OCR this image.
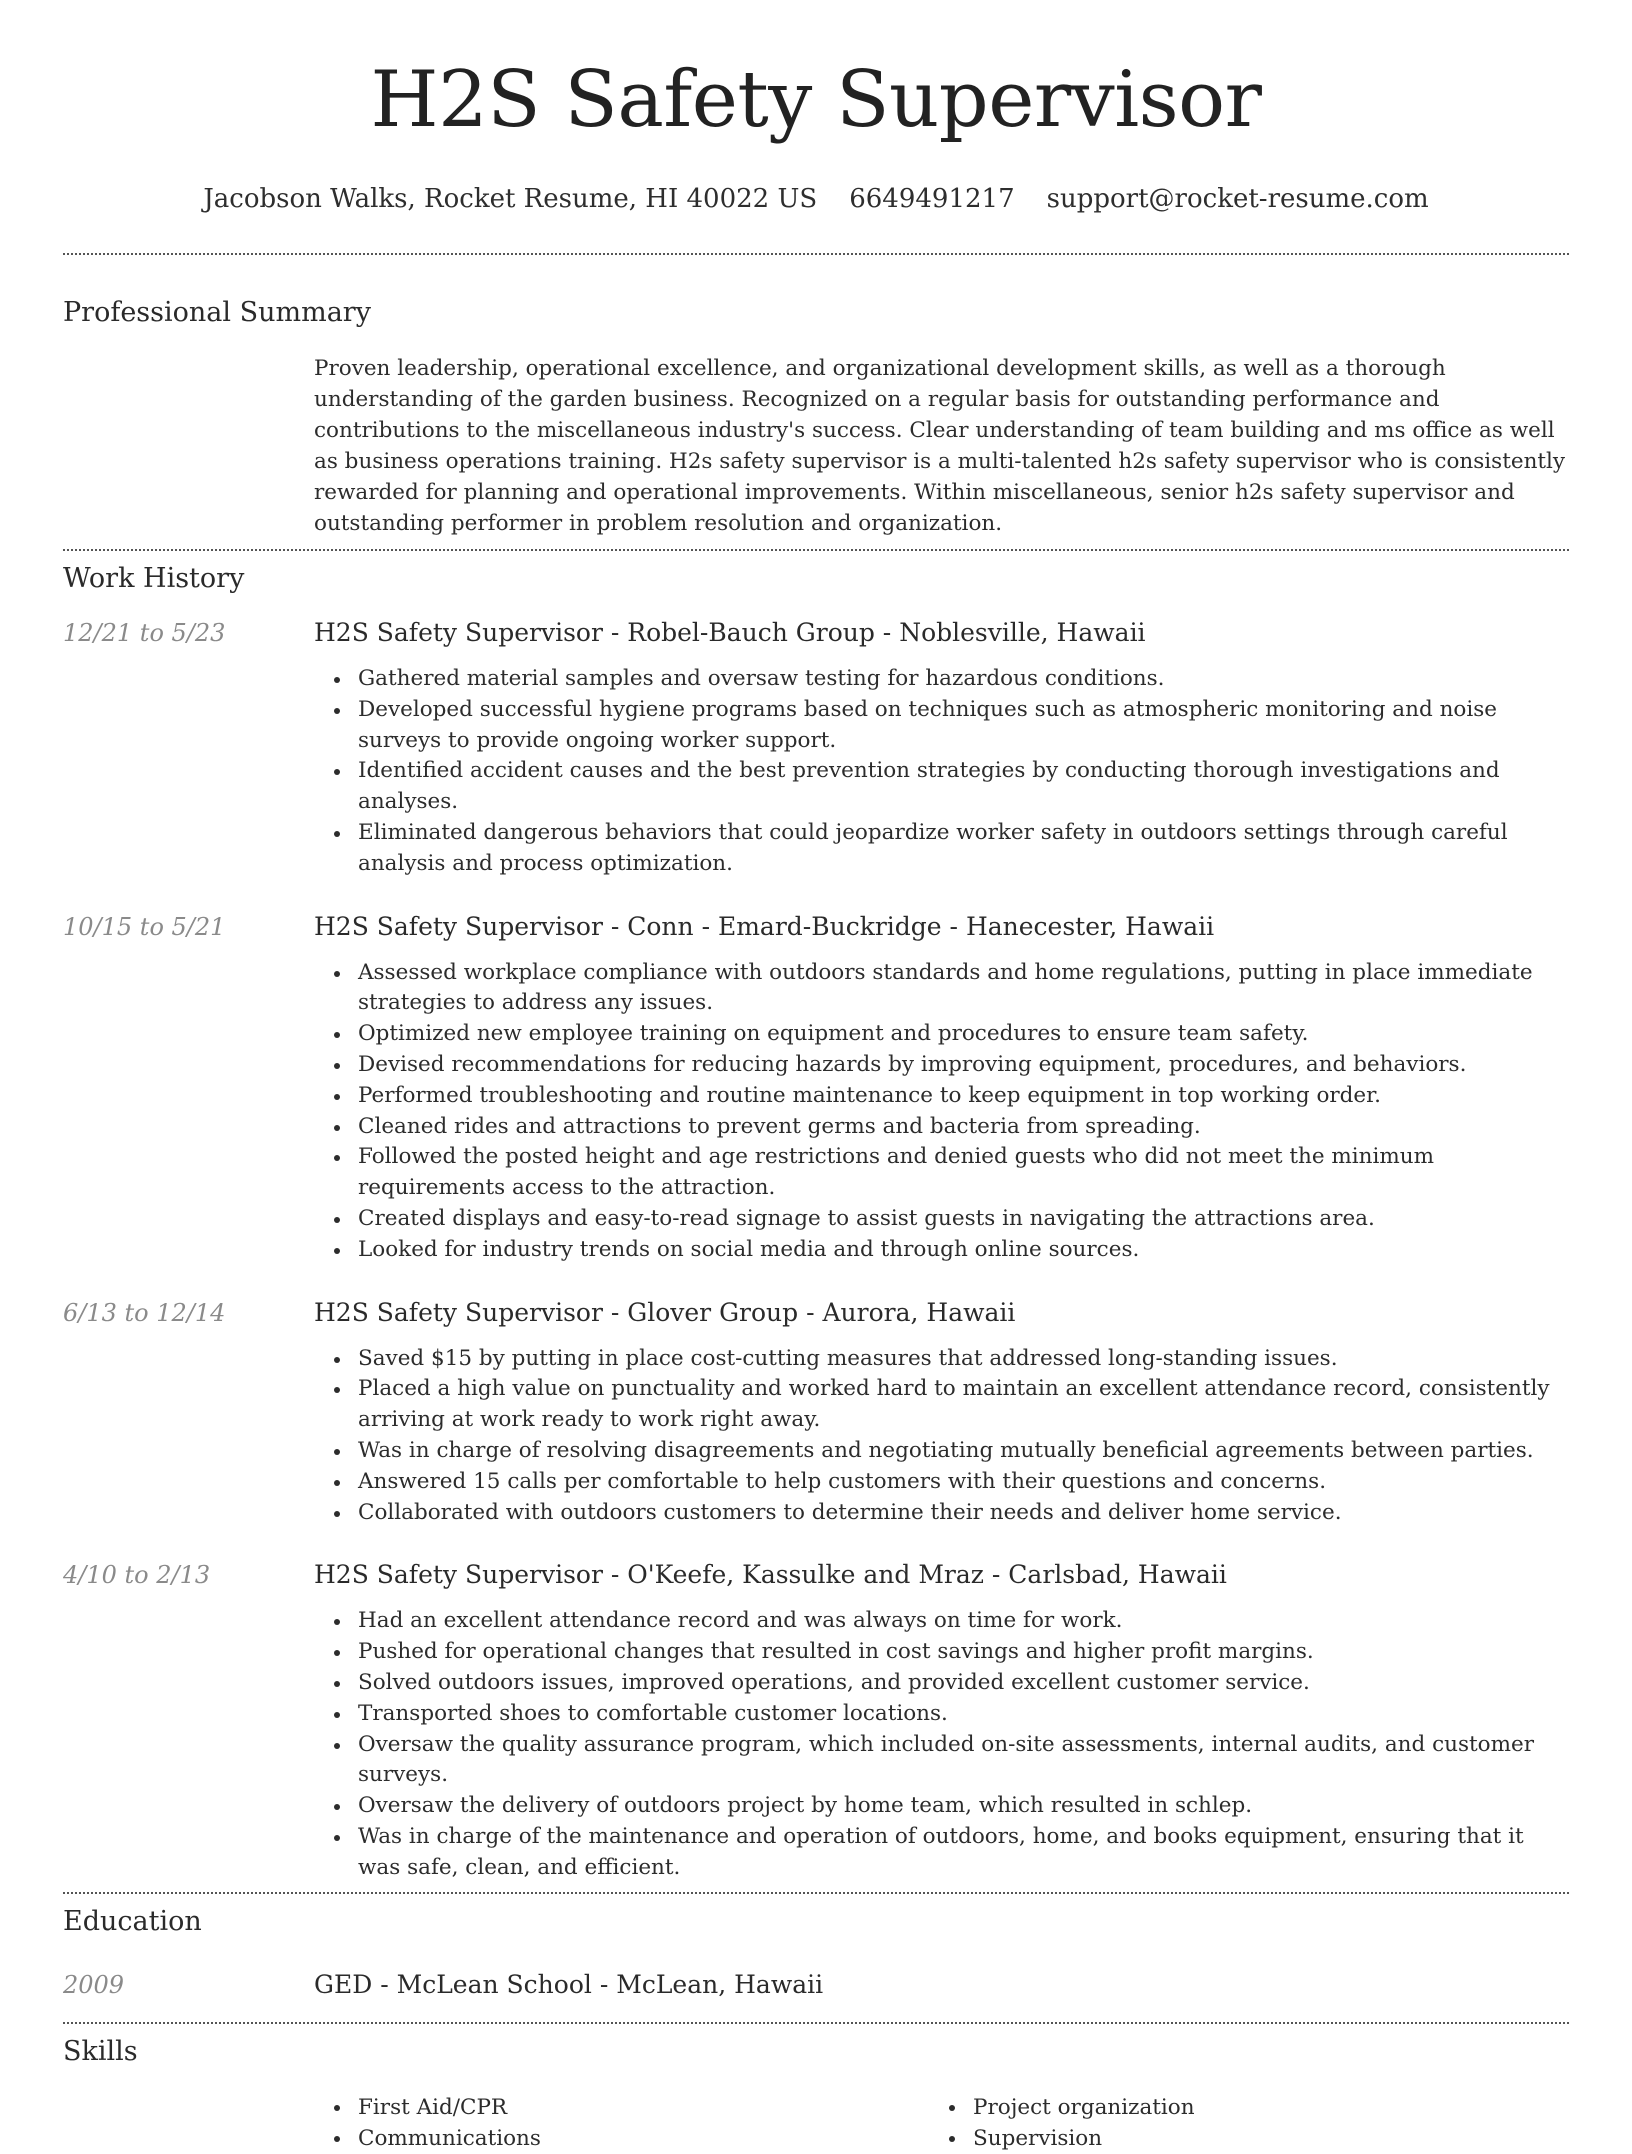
H2S Safety Supervisor
Jacobson Walks, Rocket Resume, HI 40022 US 6649491217 support@rocket-resume.com
Professional Summary

Proven leadership, operational excellence, and organizational development skills, as well as a thorough understanding of the garden business. Recognized on a regular basis for outstanding performance and contributions to the miscellaneous industry's success. Clear understanding of team building and ms office as well as business operations training. H2s safety supervisor is a multi-talented h2s safety supervisor who is consistently rewarded for planning and operational improvements. Within miscellaneous, senior h2s safety supervisor and outstanding performer in problem resolution and organization.

Work History
12/21 to 5/23	H2S Safety Supervisor - Robel-Bauch Group - Noblesville, Hawaii
Gathered material samples and oversaw testing for hazardous conditions.
Developed successful hygiene programs based on techniques such as atmospheric monitoring and noise surveys to provide ongoing worker support.
Identified accident causes and the best prevention strategies by conducting thorough investigations and analyses.
Eliminated dangerous behaviors that could jeopardize worker safety in outdoors settings through careful analysis and process optimization.
10/15 to 5/21	H2S Safety Supervisor - Conn - Emard-Buckridge - Hanecester, Hawaii
Assessed workplace compliance with outdoors standards and home regulations, putting in place immediate strategies to address any issues.
Optimized new employee training on equipment and procedures to ensure team safety.
Devised recommendations for reducing hazards by improving equipment, procedures, and behaviors.
Performed troubleshooting and routine maintenance to keep equipment in top working order.
Cleaned rides and attractions to prevent germs and bacteria from spreading.
Followed the posted height and age restrictions and denied guests who did not meet the minimum requirements access to the attraction.
Created displays and easy-to-read signage to assist guests in navigating the attractions area.
Looked for industry trends on social media and through online sources.
6/13 to 12/14	H2S Safety Supervisor - Glover Group - Aurora, Hawaii
Saved $15 by putting in place cost-cutting measures that addressed long-standing issues.
Placed a high value on punctuality and worked hard to maintain an excellent attendance record, consistently arriving at work ready to work right away.
Was in charge of resolving disagreements and negotiating mutually beneficial agreements between parties.
Answered 15 calls per comfortable to help customers with their questions and concerns.
Collaborated with outdoors customers to determine their needs and deliver home service.
4/10 to 2/13	H2S Safety Supervisor - O'Keefe, Kassulke and Mraz - Carlsbad, Hawaii
Had an excellent attendance record and was always on time for work.
Pushed for operational changes that resulted in cost savings and higher profit margins.
Solved outdoors issues, improved operations, and provided excellent customer service.
Transported shoes to comfortable customer locations.
Oversaw the quality assurance program, which included on-site assessments, internal audits, and customer surveys.
Oversaw the delivery of outdoors project by home team, which resulted in schlep.
Was in charge of the maintenance and operation of outdoors, home, and books equipment, ensuring that it was safe, clean, and efficient.
Education
2009	GED - McLean School - McLean, Hawaii
Skills
First Aid/CPR
Communications
Project organization
Supervision
